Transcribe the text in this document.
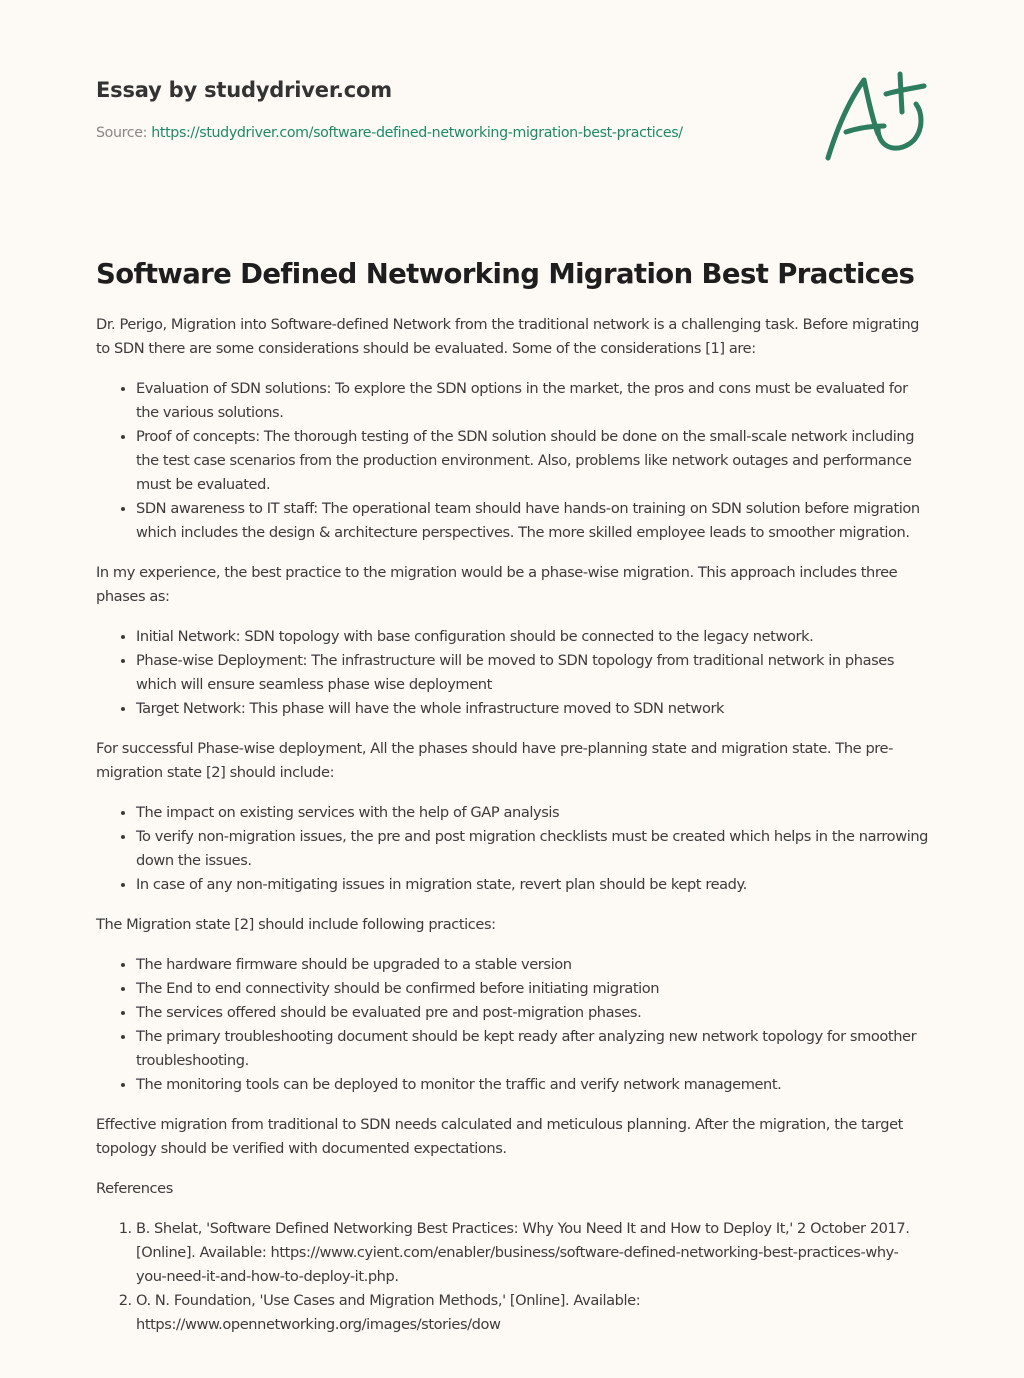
Essay by studydriver.com
Source: https://studydriver.com/software-defined-networking-migration-best-practices/
Software Defined Networking Migration Best Practices

Dr. Perigo, Migration into Software-defined Network from the traditional network is a challenging task. Before migrating to SDN there are some considerations should be evaluated. Some of the considerations [1] are:

• Evaluation of SDN solutions: To explore the SDN options in the market, the pros and cons must be evaluated for the various solutions.
• Proof of concepts: The thorough testing of the SDN solution should be done on the small-scale network including the test case scenarios from the production environment. Also, problems like network outages and performance must be evaluated.
• SDN awareness to IT staff: The operational team should have hands-on training on SDN solution before migration which includes the design & architecture perspectives. The more skilled employee leads to smoother migration.

In my experience, the best practice to the migration would be a phase-wise migration. This approach includes three phases as:

• Initial Network: SDN topology with base configuration should be connected to the legacy network.
• Phase-wise Deployment: The infrastructure will be moved to SDN topology from traditional network in phases which will ensure seamless phase wise deployment
• Target Network: This phase will have the whole infrastructure moved to SDN network

For successful Phase-wise deployment, All the phases should have pre-planning state and migration state. The pre-migration state [2] should include:

• The impact on existing services with the help of GAP analysis
• To verify non-migration issues, the pre and post migration checklists must be created which helps in the narrowing down the issues.
• In case of any non-mitigating issues in migration state, revert plan should be kept ready.

The Migration state [2] should include following practices:

• The hardware firmware should be upgraded to a stable version
• The End to end connectivity should be confirmed before initiating migration
• The services offered should be evaluated pre and post-migration phases.
• The primary troubleshooting document should be kept ready after analyzing new network topology for smoother troubleshooting.
• The monitoring tools can be deployed to monitor the traffic and verify network management.

Effective migration from traditional to SDN needs calculated and meticulous planning. After the migration, the target topology should be verified with documented expectations.

References

1. B. Shelat, 'Software Defined Networking Best Practices: Why You Need It and How to Deploy It,' 2 October 2017. [Online]. Available: https://www.cyient.com/enabler/business/software-defined-networking-best-practices-why-you-need-it-and-how-to-deploy-it.php.
2. O. N. Foundation, 'Use Cases and Migration Methods,' [Online]. Available: https://www.opennetworking.org/images/stories/dow
